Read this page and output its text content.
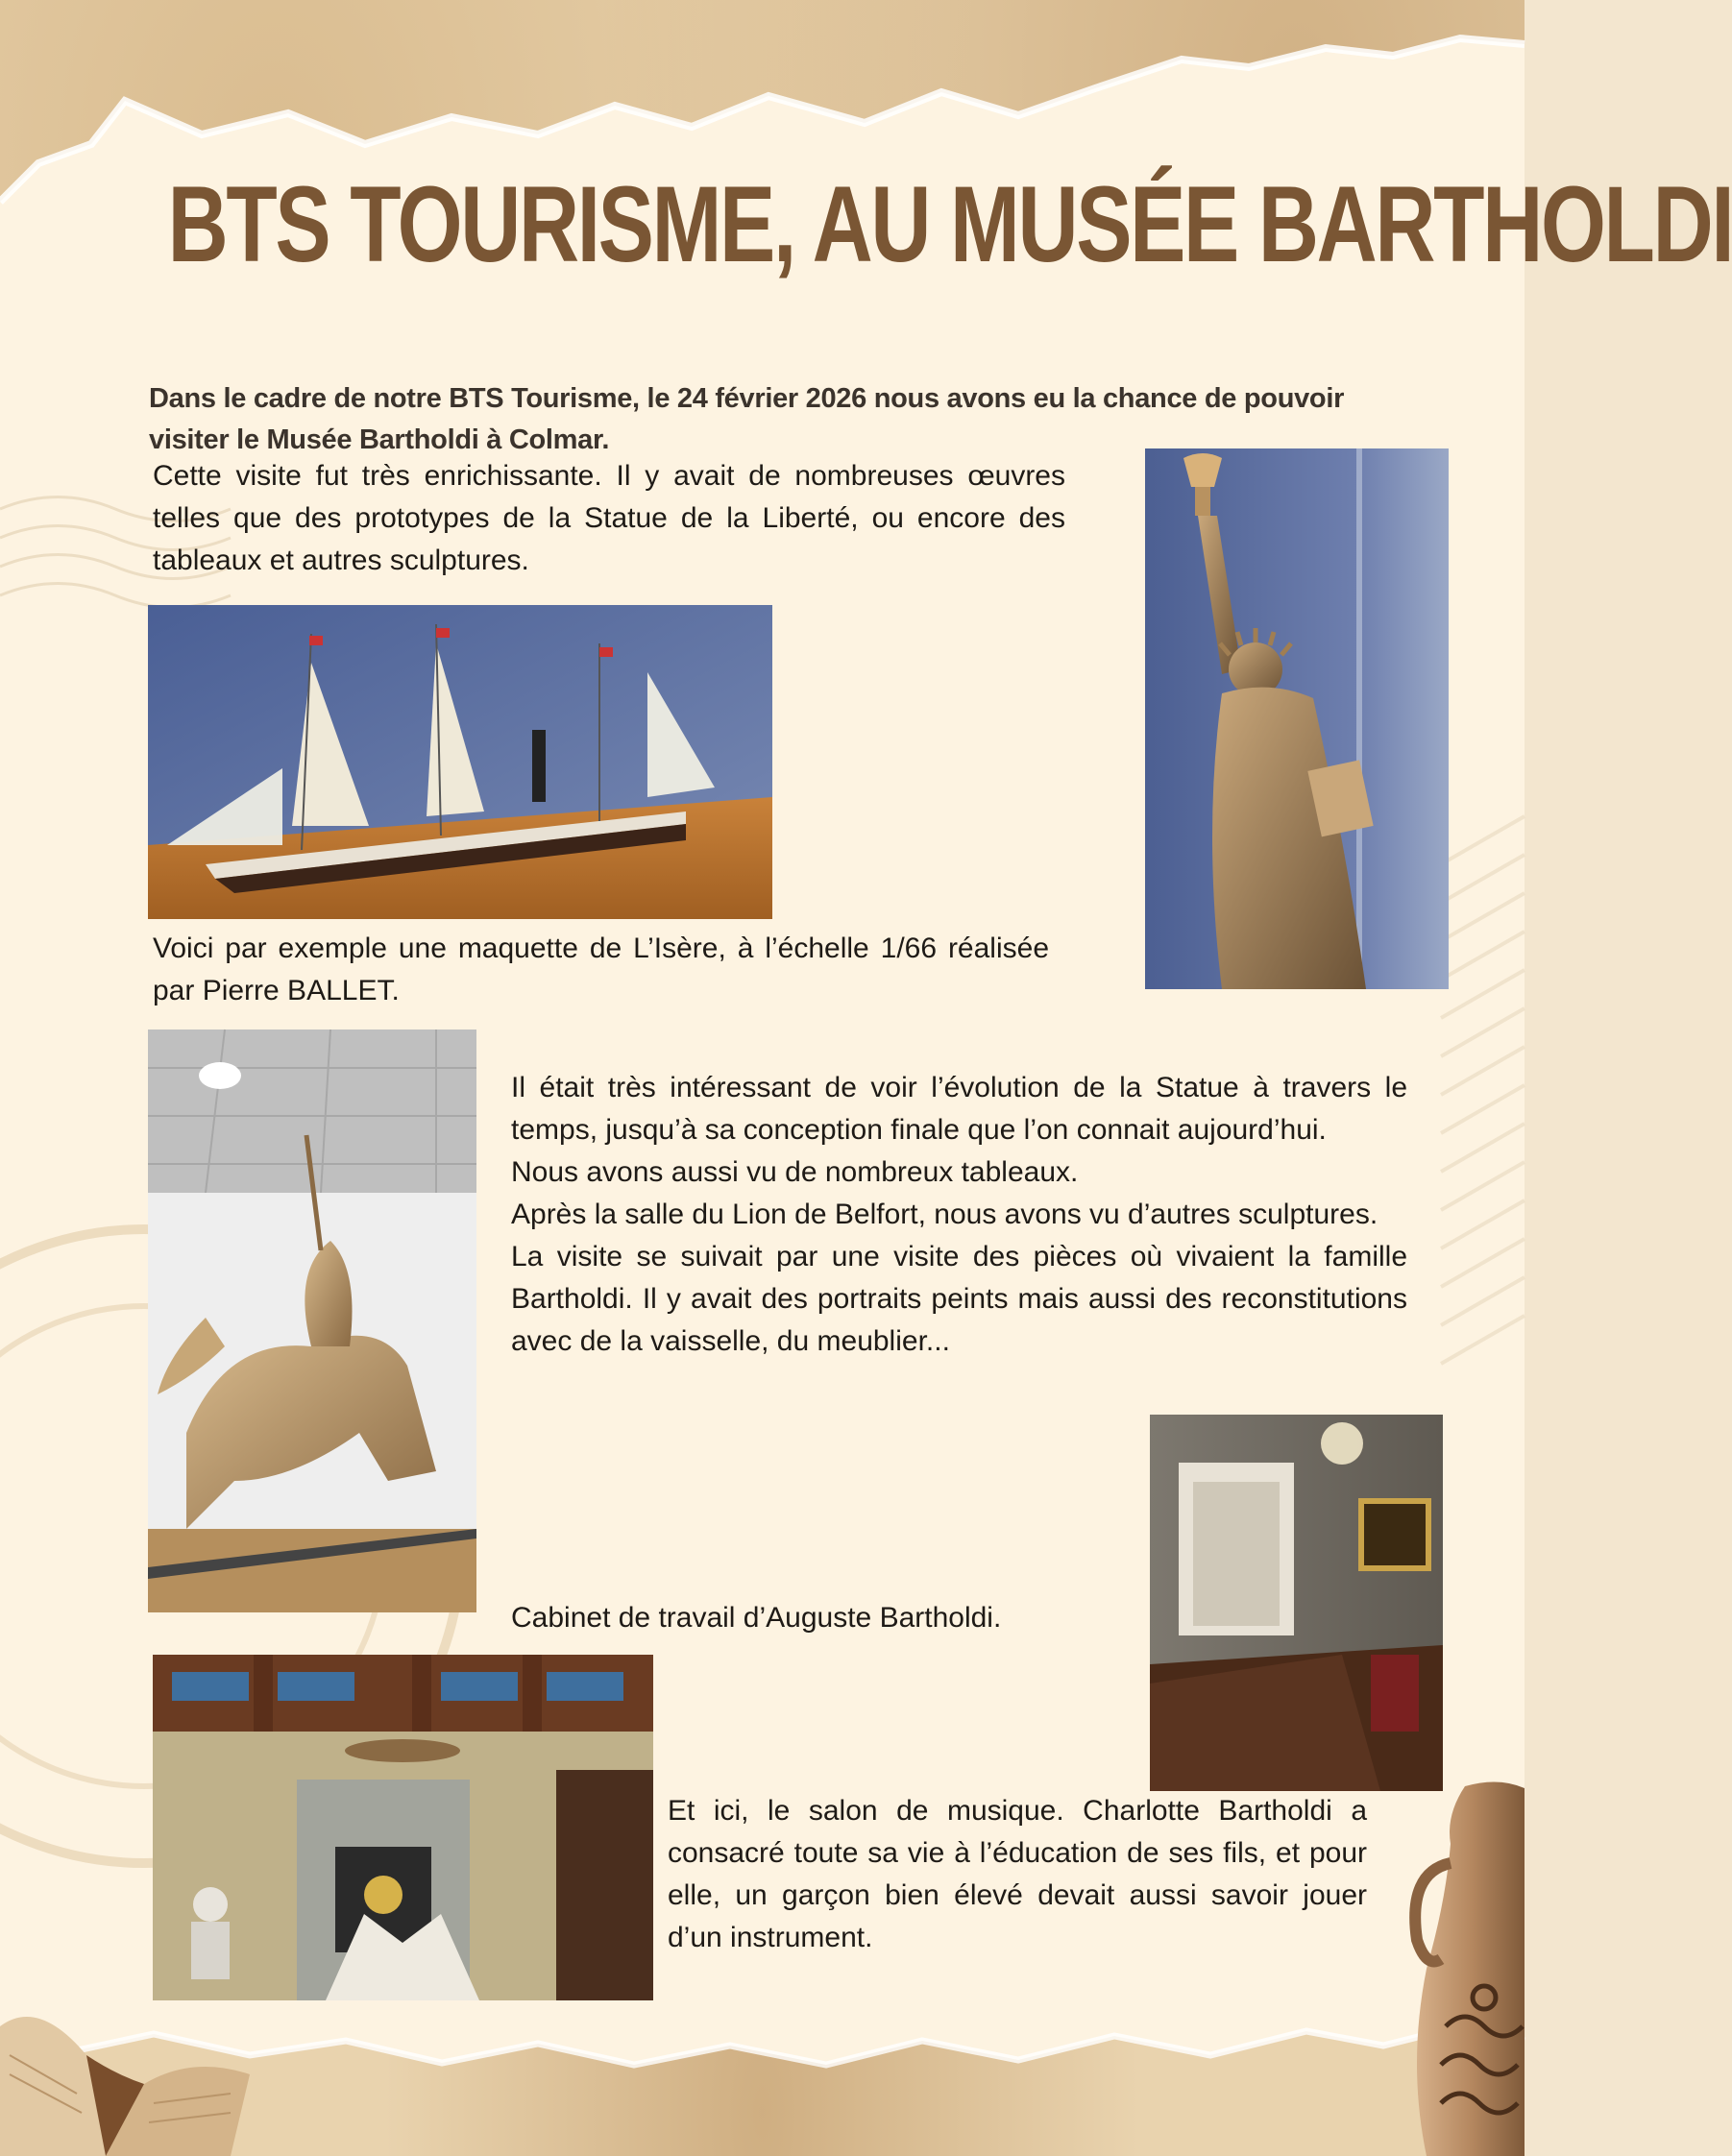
BTS TOURISME, AU MUSÉE BARTHOLDI

Dans le cadre de notre BTS Tourisme, le 24 février 2026 nous avons eu la chance de pouvoir visiter le Musée Bartholdi à Colmar.

Cette visite fut très enrichissante. Il y avait de nombreuses œuvres telles que des prototypes de la Statue de la Liberté, ou encore des tableaux et autres sculptures.

Voici par exemple une maquette de L’Isère, à l’échelle 1/66 réalisée par Pierre BALLET.

Il était très intéressant de voir l’évolution de la Statue à travers le temps, jusqu’à sa conception finale que l’on connait aujourd’hui.
Nous avons aussi vu de nombreux tableaux.
Après la salle du Lion de Belfort, nous avons vu d’autres sculptures.
La visite se suivait par une visite des pièces où vivaient la famille Bartholdi. Il y avait des portraits peints mais aussi des reconstitutions avec de la vaisselle, du meublier...

Cabinet de travail d’Auguste Bartholdi.

Et ici, le salon de musique. Charlotte Bartholdi a consacré toute sa vie à l’éducation de ses fils, et pour elle, un garçon bien élevé devait aussi savoir jouer d’un instrument.
